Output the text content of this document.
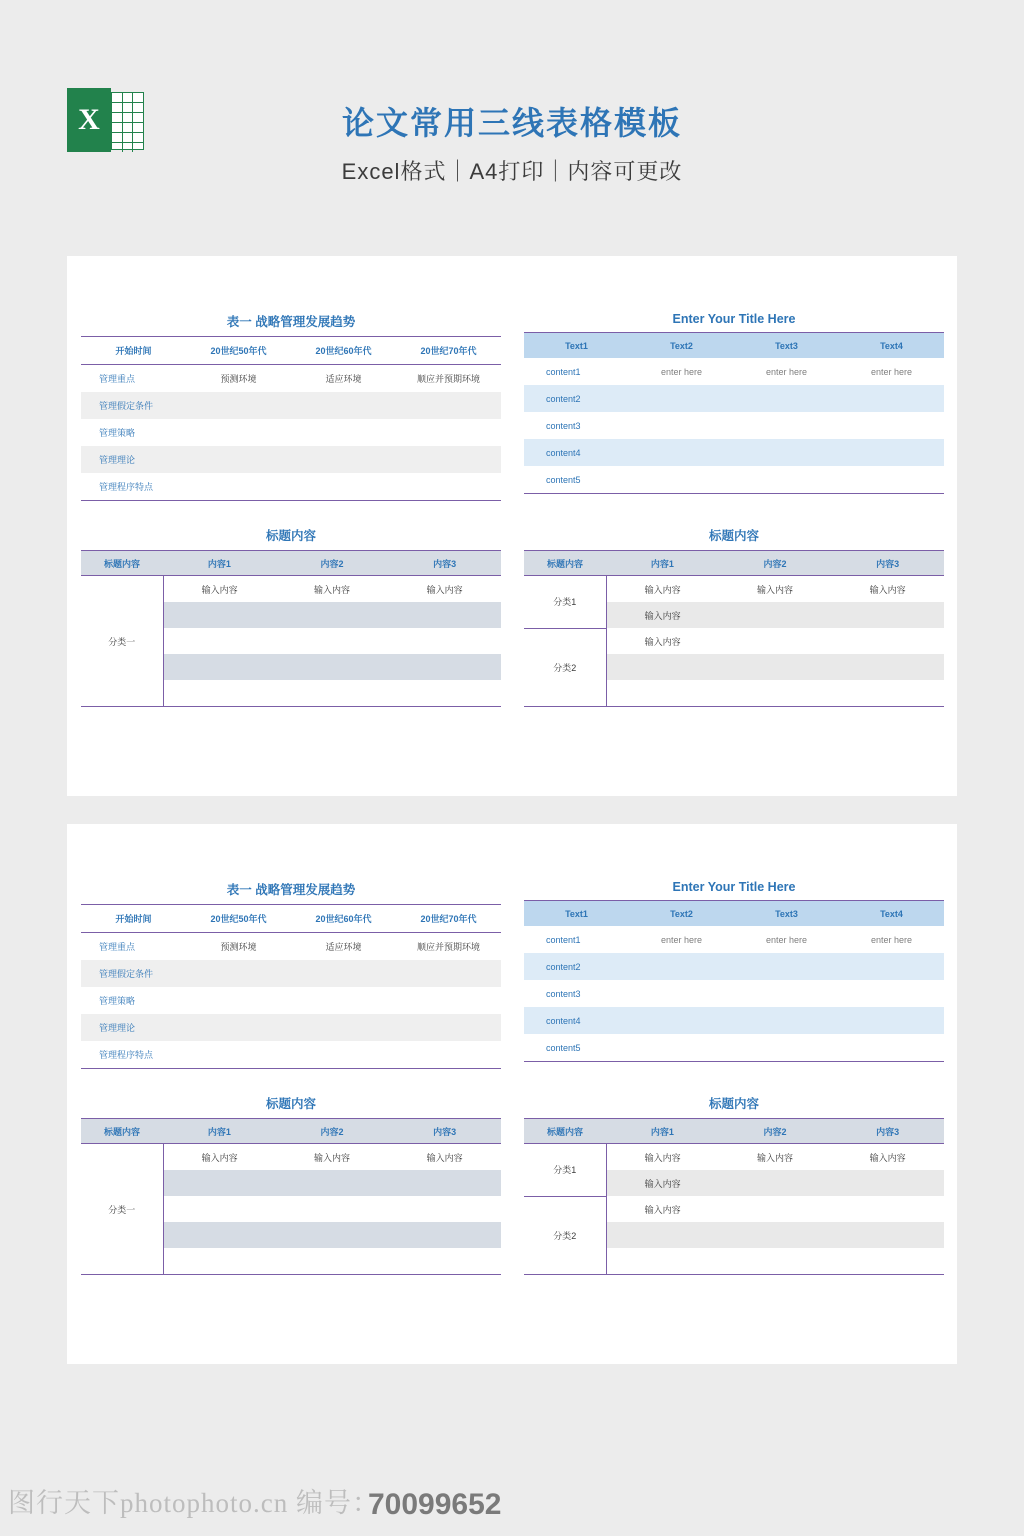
X	论文常用三线表格模板
Excel格式｜A4打印｜内容可更改
表一 战略管理发展趋势
开始时间	20世纪50年代	20世纪60年代	20世纪70年代
管理重点	预测环境	适应环境	顺应并预期环境
管理假定条件			
管理策略			
管理理论			
管理程序特点			
Enter Your Title Here
Text1	Text2	Text3	Text4
content1	enter here	enter here	enter here
content2			
content3			
content4			
content5			
标题内容
标题内容	内容1	内容2	内容3
分类一	输入内容	输入内容	输入内容

标题内容
标题内容	内容1	内容2	内容3
分类1	输入内容	输入内容	输入内容
	输入内容		
分类2	输入内容		

表一 战略管理发展趋势
开始时间	20世纪50年代	20世纪60年代	20世纪70年代
管理重点	预测环境	适应环境	顺应并预期环境
管理假定条件			
管理策略			
管理理论			
管理程序特点			
Enter Your Title Here
Text1	Text2	Text3	Text4
content1	enter here	enter here	enter here
content2			
content3			
content4			
content5			
标题内容
标题内容	内容1	内容2	内容3
分类一	输入内容	输入内容	输入内容

标题内容
标题内容	内容1	内容2	内容3
分类1	输入内容	输入内容	输入内容
	输入内容		
分类2	输入内容		

图行天下photophoto.cn 编号：
70099652
